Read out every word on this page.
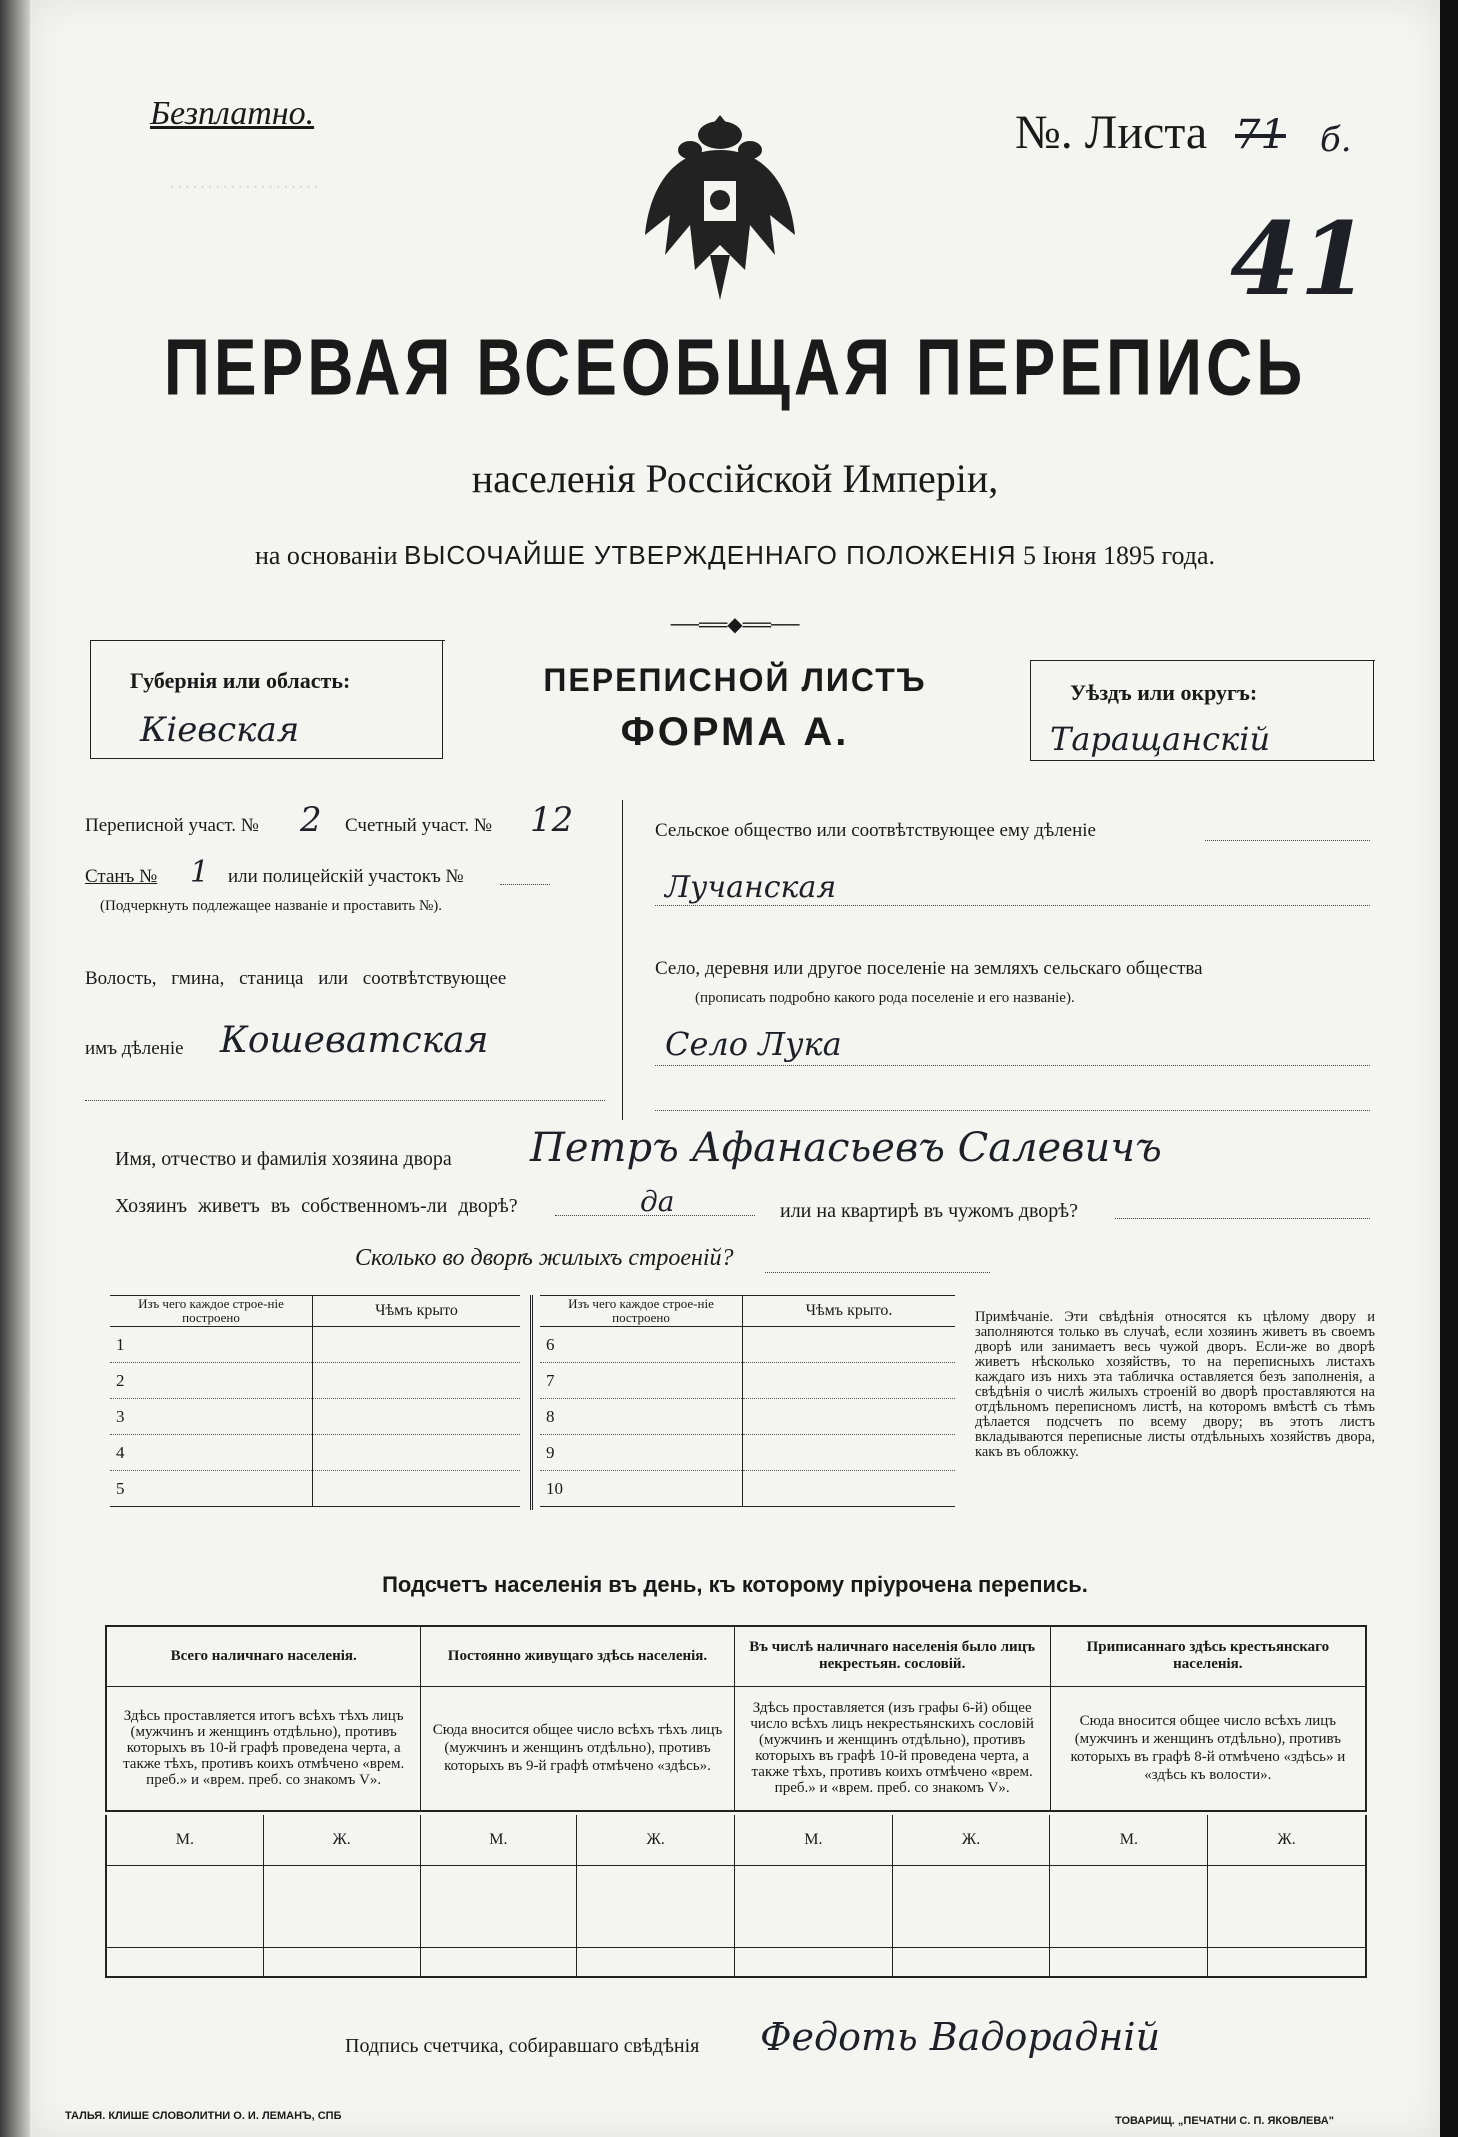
Безплатно.	№. Листа 71 б.
41
· · · · · · · · · · · · · · · · · · · ·
ПЕРВАЯ ВСЕОБЩАЯ ПЕРЕПИСЬ
населенія Россійской Имперіи,
на основаніи ВЫСОЧАЙШЕ УТВЕРЖДЕННАГО ПОЛОЖЕНІЯ 5 Іюня 1895 года.
──══◆══──
Губернія или область:
Кіевская
ПЕРЕПИСНОЙ ЛИСТЪ
ФОРМА А.
Уѣздъ или округъ:
Таращанскій
Переписной участ. № 2 Счетный участ. № 12
Станъ № 1 или полицейскій участокъ №
(Подчеркнуть подлежащее названіе и проставить №).
Волость, гмина, станица или соотвѣтствующее
имъ дѣленіе Кошеватская
Сельское общество или соотвѣтствующее ему дѣленіе
Лучанская
Село, деревня или другое поселеніе на земляхъ сельскаго общества
(прописать подробно какого рода поселеніе и его названіе).
Село Лука
Имя, отчество и фамилія хозяина двора Петръ Афанасьевъ Салевичъ
Хозяинъ живетъ въ собственномъ-ли дворѣ?	да	или на квартирѣ въ чужомъ дворѣ?
Сколько во дворѣ жилыхъ строеній?
Изъ чего каждое строе-ніе построено	Чѣмъ крыто
1	
2	
3	
4	
5	
Изъ чего каждое строе-ніе построено	Чѣмъ крыто.
6	
7	
8	
9	
10	
Примѣчаніе. Эти свѣдѣнія относятся къ цѣлому двору и заполняются только въ случаѣ, если хозяинъ живетъ въ своемъ дворѣ или занимаетъ весь чужой дворъ. Если-же во дворѣ живетъ нѣсколько хозяйствъ, то на переписныхъ листахъ каждаго изъ нихъ эта табличка оставляется безъ заполненія, а свѣдѣнія о числѣ жилыхъ строеній во дворѣ проставляются на отдѣльномъ переписномъ листѣ, на которомъ вмѣстѣ съ тѣмъ дѣлается подсчетъ по всему двору; въ этотъ листъ вкладываются переписные листы отдѣльныхъ хозяйствъ двора, какъ въ обложку.
Подсчетъ населенія въ день, къ которому пріурочена перепись.
Всего наличнаго населенія.	Постоянно живущаго здѣсь населенія.	Въ числѣ наличнаго населенія было лицъ некрестьян. сословій.	Приписаннаго здѣсь крестьянскаго населенія.
Здѣсь проставляется итогъ всѣхъ тѣхъ лицъ (мужчинъ и женщинъ отдѣльно), противъ которыхъ въ 10-й графѣ проведена черта, а также тѣхъ, противъ коихъ отмѣчено «врем. преб.» и «врем. преб. со знакомъ V».	Сюда вносится общее число всѣхъ тѣхъ лицъ (мужчинъ и женщинъ отдѣльно), противъ которыхъ въ 9-й графѣ отмѣчено «здѣсь».	Здѣсь проставляется (изъ графы 6-й) общее число всѣхъ лицъ некрестьянскихъ сословій (мужчинъ и женщинъ отдѣльно), противъ которыхъ въ графѣ 10-й проведена черта, а также тѣхъ, противъ коихъ отмѣчено «врем. преб.» и «врем. преб. со знакомъ V».	Сюда вносится общее число всѣхъ лицъ (мужчинъ и женщинъ отдѣльно), противъ которыхъ въ графѣ 8-й отмѣчено «здѣсь» и «здѣсь къ волости».
М.	Ж.	М.	Ж.	М.	Ж.	М.	Ж.

Подпись счетчика, собиравшаго свѣдѣнія Федоть Вадорадній
ТАЛЬЯ. КЛИШЕ СЛОВОЛИТНИ О. И. ЛЕМАНЪ, СПБ	ТОВАРИЩ. „ПЕЧАТНИ С. П. ЯКОВЛЕВА"
